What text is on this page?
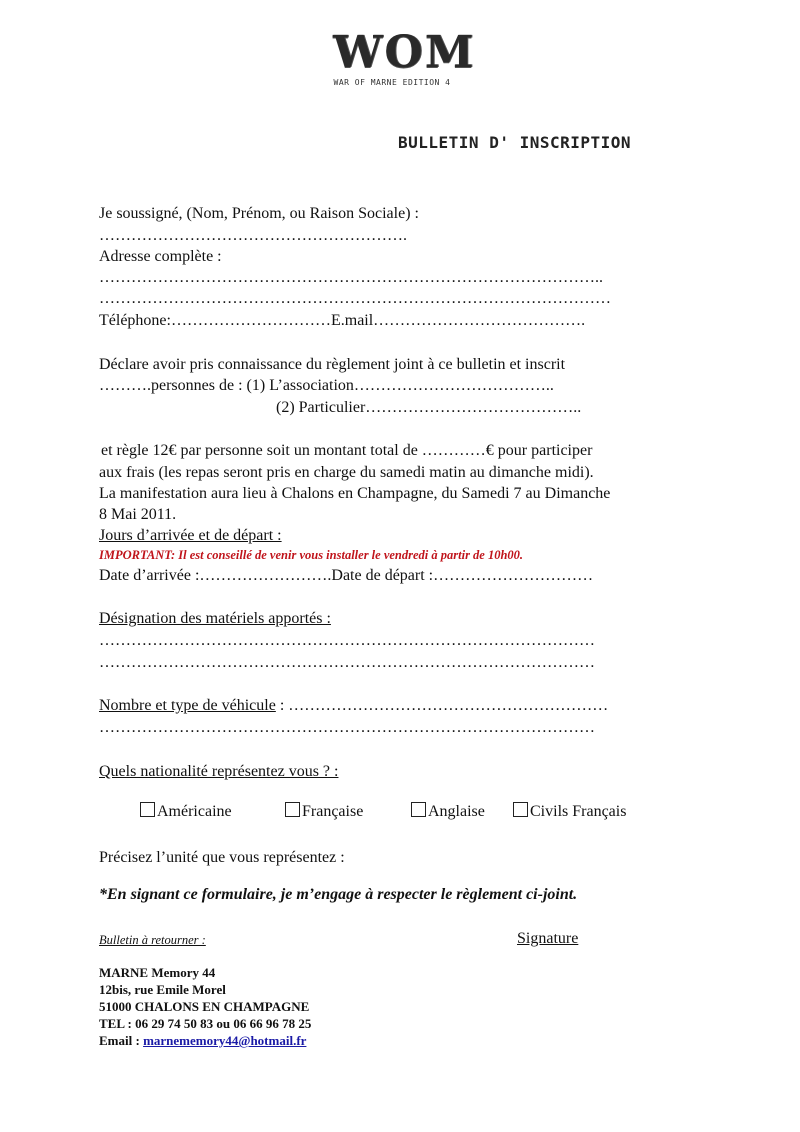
WOM
WAR OF MARNE EDITION 4
BULLETIN D' INSCRIPTION
Je soussigné, (Nom, Prénom, ou Raison Sociale) :
………………………………………………….
Adresse complète :
…………………………………………………………………………………..
……………………………………………………………………………………
Téléphone:…………………………E.mail………………………………….
Déclare avoir pris connaissance du règlement joint à ce bulletin et inscrit
……….personnes de : (1) L’association………………………………..
(2) Particulier…………………………………..
et règle 12€ par personne soit un montant total de …………€ pour participer
aux frais (les repas seront pris en charge du samedi matin au dimanche midi).
La manifestation aura lieu à Chalons en Champagne, du Samedi 7 au Dimanche
8 Mai 2011.
Jours d’arrivée et de départ :
IMPORTANT: Il est conseillé de venir vous installer le vendredi à partir de 10h00.
Date d’arrivée :…………………….Date de départ :…………………………
Désignation des matériels apportés :
…………………………………………………………………………………
…………………………………………………………………………………
Nombre et type de véhicule : ……………………………………………………
…………………………………………………………………………………
Quels nationalité représentez vous ? :
Américaine	Française	Anglaise	Civils Français
Précisez l’unité que vous représentez :
*En signant ce formulaire, je m’engage à respecter le règlement ci-joint.
Bulletin à retourner :	Signature
MARNE Memory 44
12bis, rue Emile Morel
51000 CHALONS EN CHAMPAGNE
TEL : 06 29 74 50 83 ou 06 66 96 78 25
Email : marnememory44@hotmail.fr
